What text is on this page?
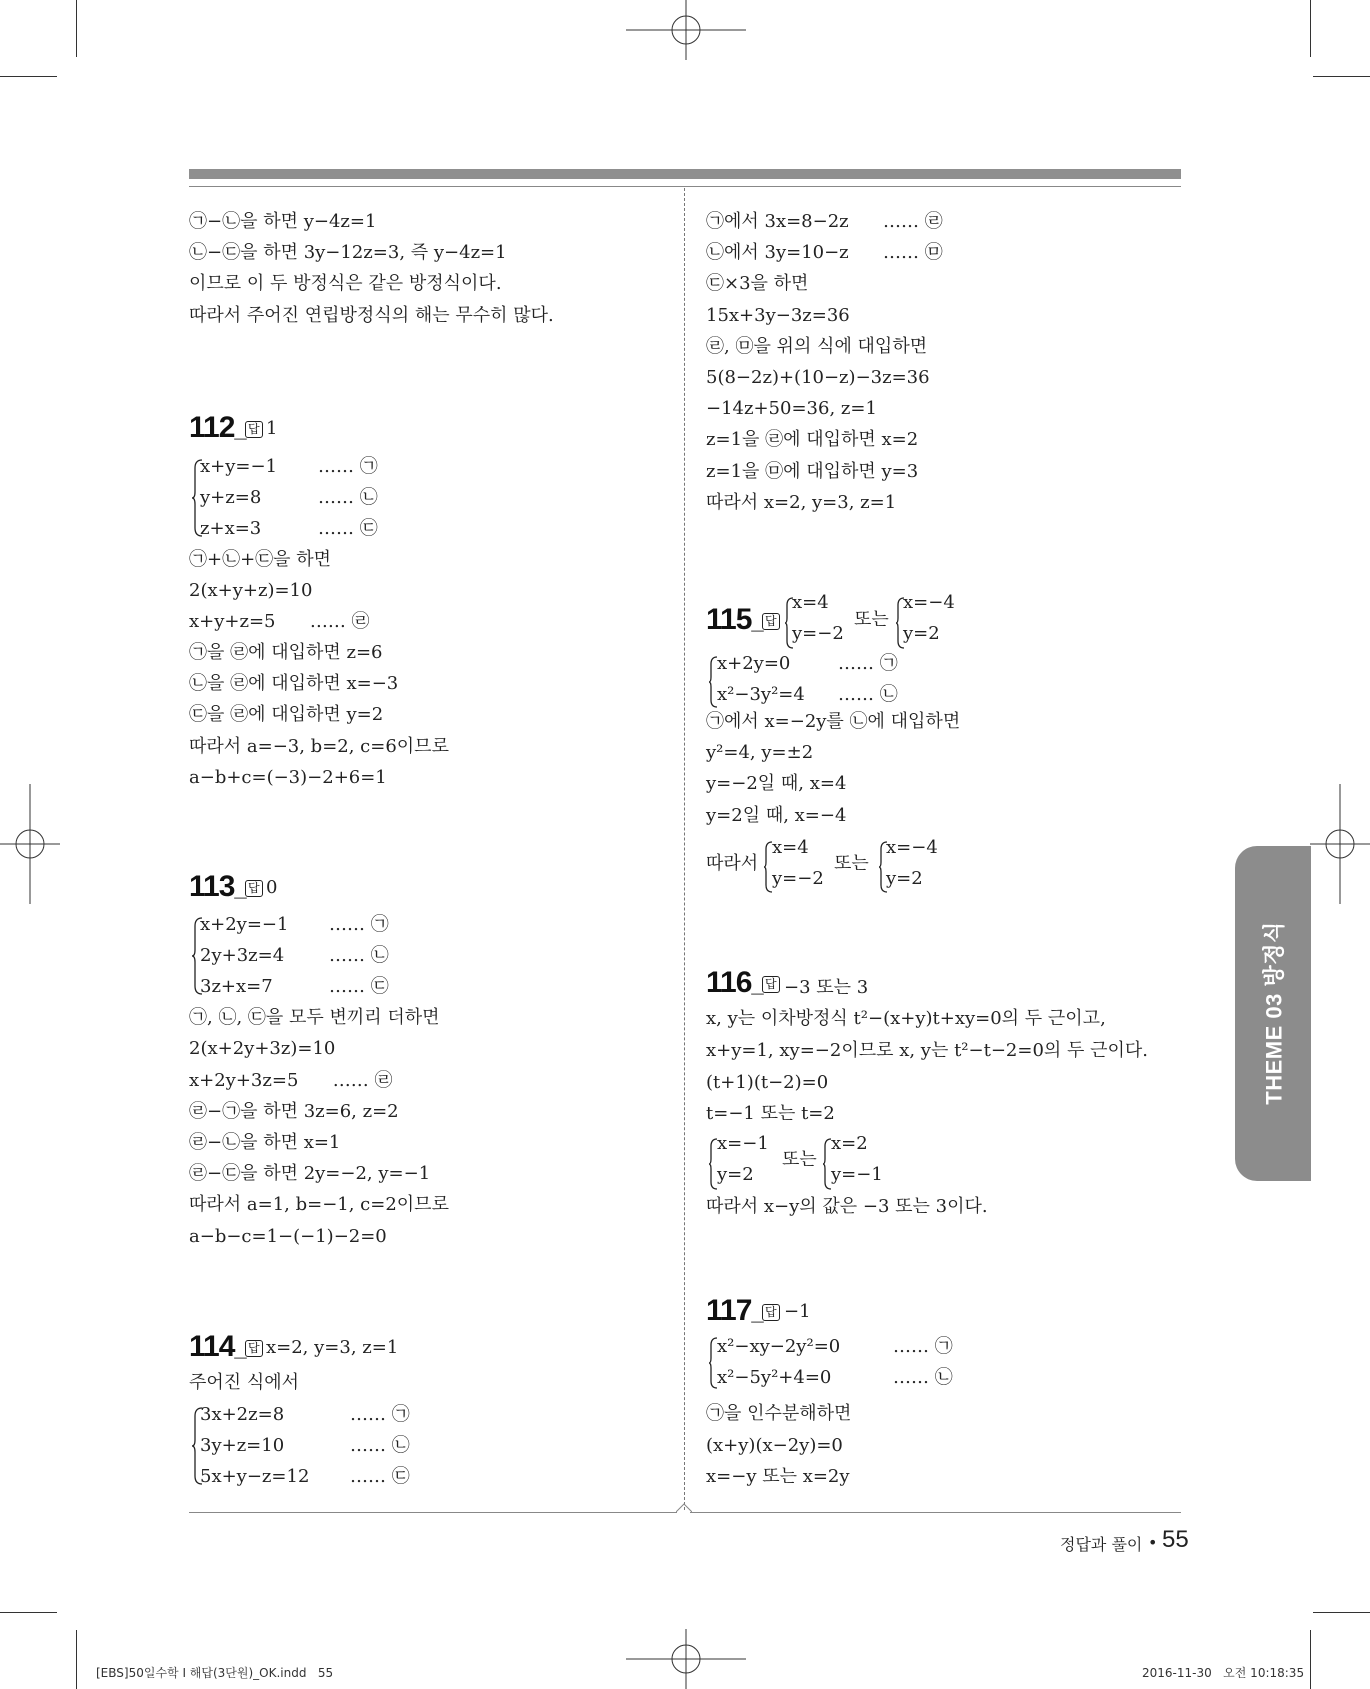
㉠−㉡을 하면 y−4z=1
㉡−㉢을 하면 3y−12z=3, 즉 y−4z=1
이므로 이 두 방정식은 같은 방정식이다.
따라서 주어진 연립방정식의 해는 무수히 많다.
112_ 답 1
x+y=−1
y+z=8
z+x=3
…… ㉠
…… ㉡
…… ㉢
㉠+㉡+㉢을 하면
2(x+y+z)=10
x+y+z=5      …… ㉣
㉠을 ㉣에 대입하면 z=6
㉡을 ㉣에 대입하면 x=−3
㉢을 ㉣에 대입하면 y=2
따라서 a=−3, b=2, c=6이므로
a−b+c=(−3)−2+6=1
113_ 답 0
x+2y=−1
2y+3z=4
3z+x=7
…… ㉠
…… ㉡
…… ㉢
㉠, ㉡, ㉢을 모두 변끼리 더하면
2(x+2y+3z)=10
x+2y+3z=5      …… ㉣
㉣−㉠을 하면 3z=6, z=2
㉣−㉡을 하면 x=1
㉣−㉢을 하면 2y=−2, y=−1
따라서 a=1, b=−1, c=2이므로
a−b−c=1−(−1)−2=0
114_ 답 x=2, y=3, z=1
주어진 식에서
3x+2z=8
3y+z=10
5x+y−z=12
…… ㉠
…… ㉡
…… ㉢
㉠에서 3x=8−2z      …… ㉣
㉡에서 3y=10−z      …… ㉤
㉢×3을 하면
15x+3y−3z=36
㉣, ㉤을 위의 식에 대입하면
5(8−2z)+(10−z)−3z=36
−14z+50=36, z=1
z=1을 ㉣에 대입하면 x=2
z=1을 ㉤에 대입하면 y=3
따라서 x=2, y=3, z=1
115_ 답
x=4
y=−2
또는
x=−4
y=2
x+2y=0
x²−3y²=4
…… ㉠
…… ㉡
㉠에서 x=−2y를 ㉡에 대입하면
y²=4, y=±2
y=−2일 때, x=4
y=2일 때, x=−4
따라서
x=4
y=−2
또는
x=−4
y=2
116_ 답 −3 또는 3
x, y는 이차방정식 t²−(x+y)t+xy=0의 두 근이고,
x+y=1, xy=−2이므로 x, y는 t²−t−2=0의 두 근이다.
(t+1)(t−2)=0
t=−1 또는 t=2
x=−1
y=2
또는
x=2
y=−1
따라서 x−y의 값은 −3 또는 3이다.
117_ 답 −1
x²−xy−2y²=0
x²−5y²+4=0
…… ㉠
…… ㉡
㉠을 인수분해하면
(x+y)(x−2y)=0
x=−y 또는 x=2y
THEME 03 방정식
정답과 풀이 • 55
[EBS]50일수학 I 해답(3단원)_OK.indd   55	2016-11-30   오전 10:18:35
